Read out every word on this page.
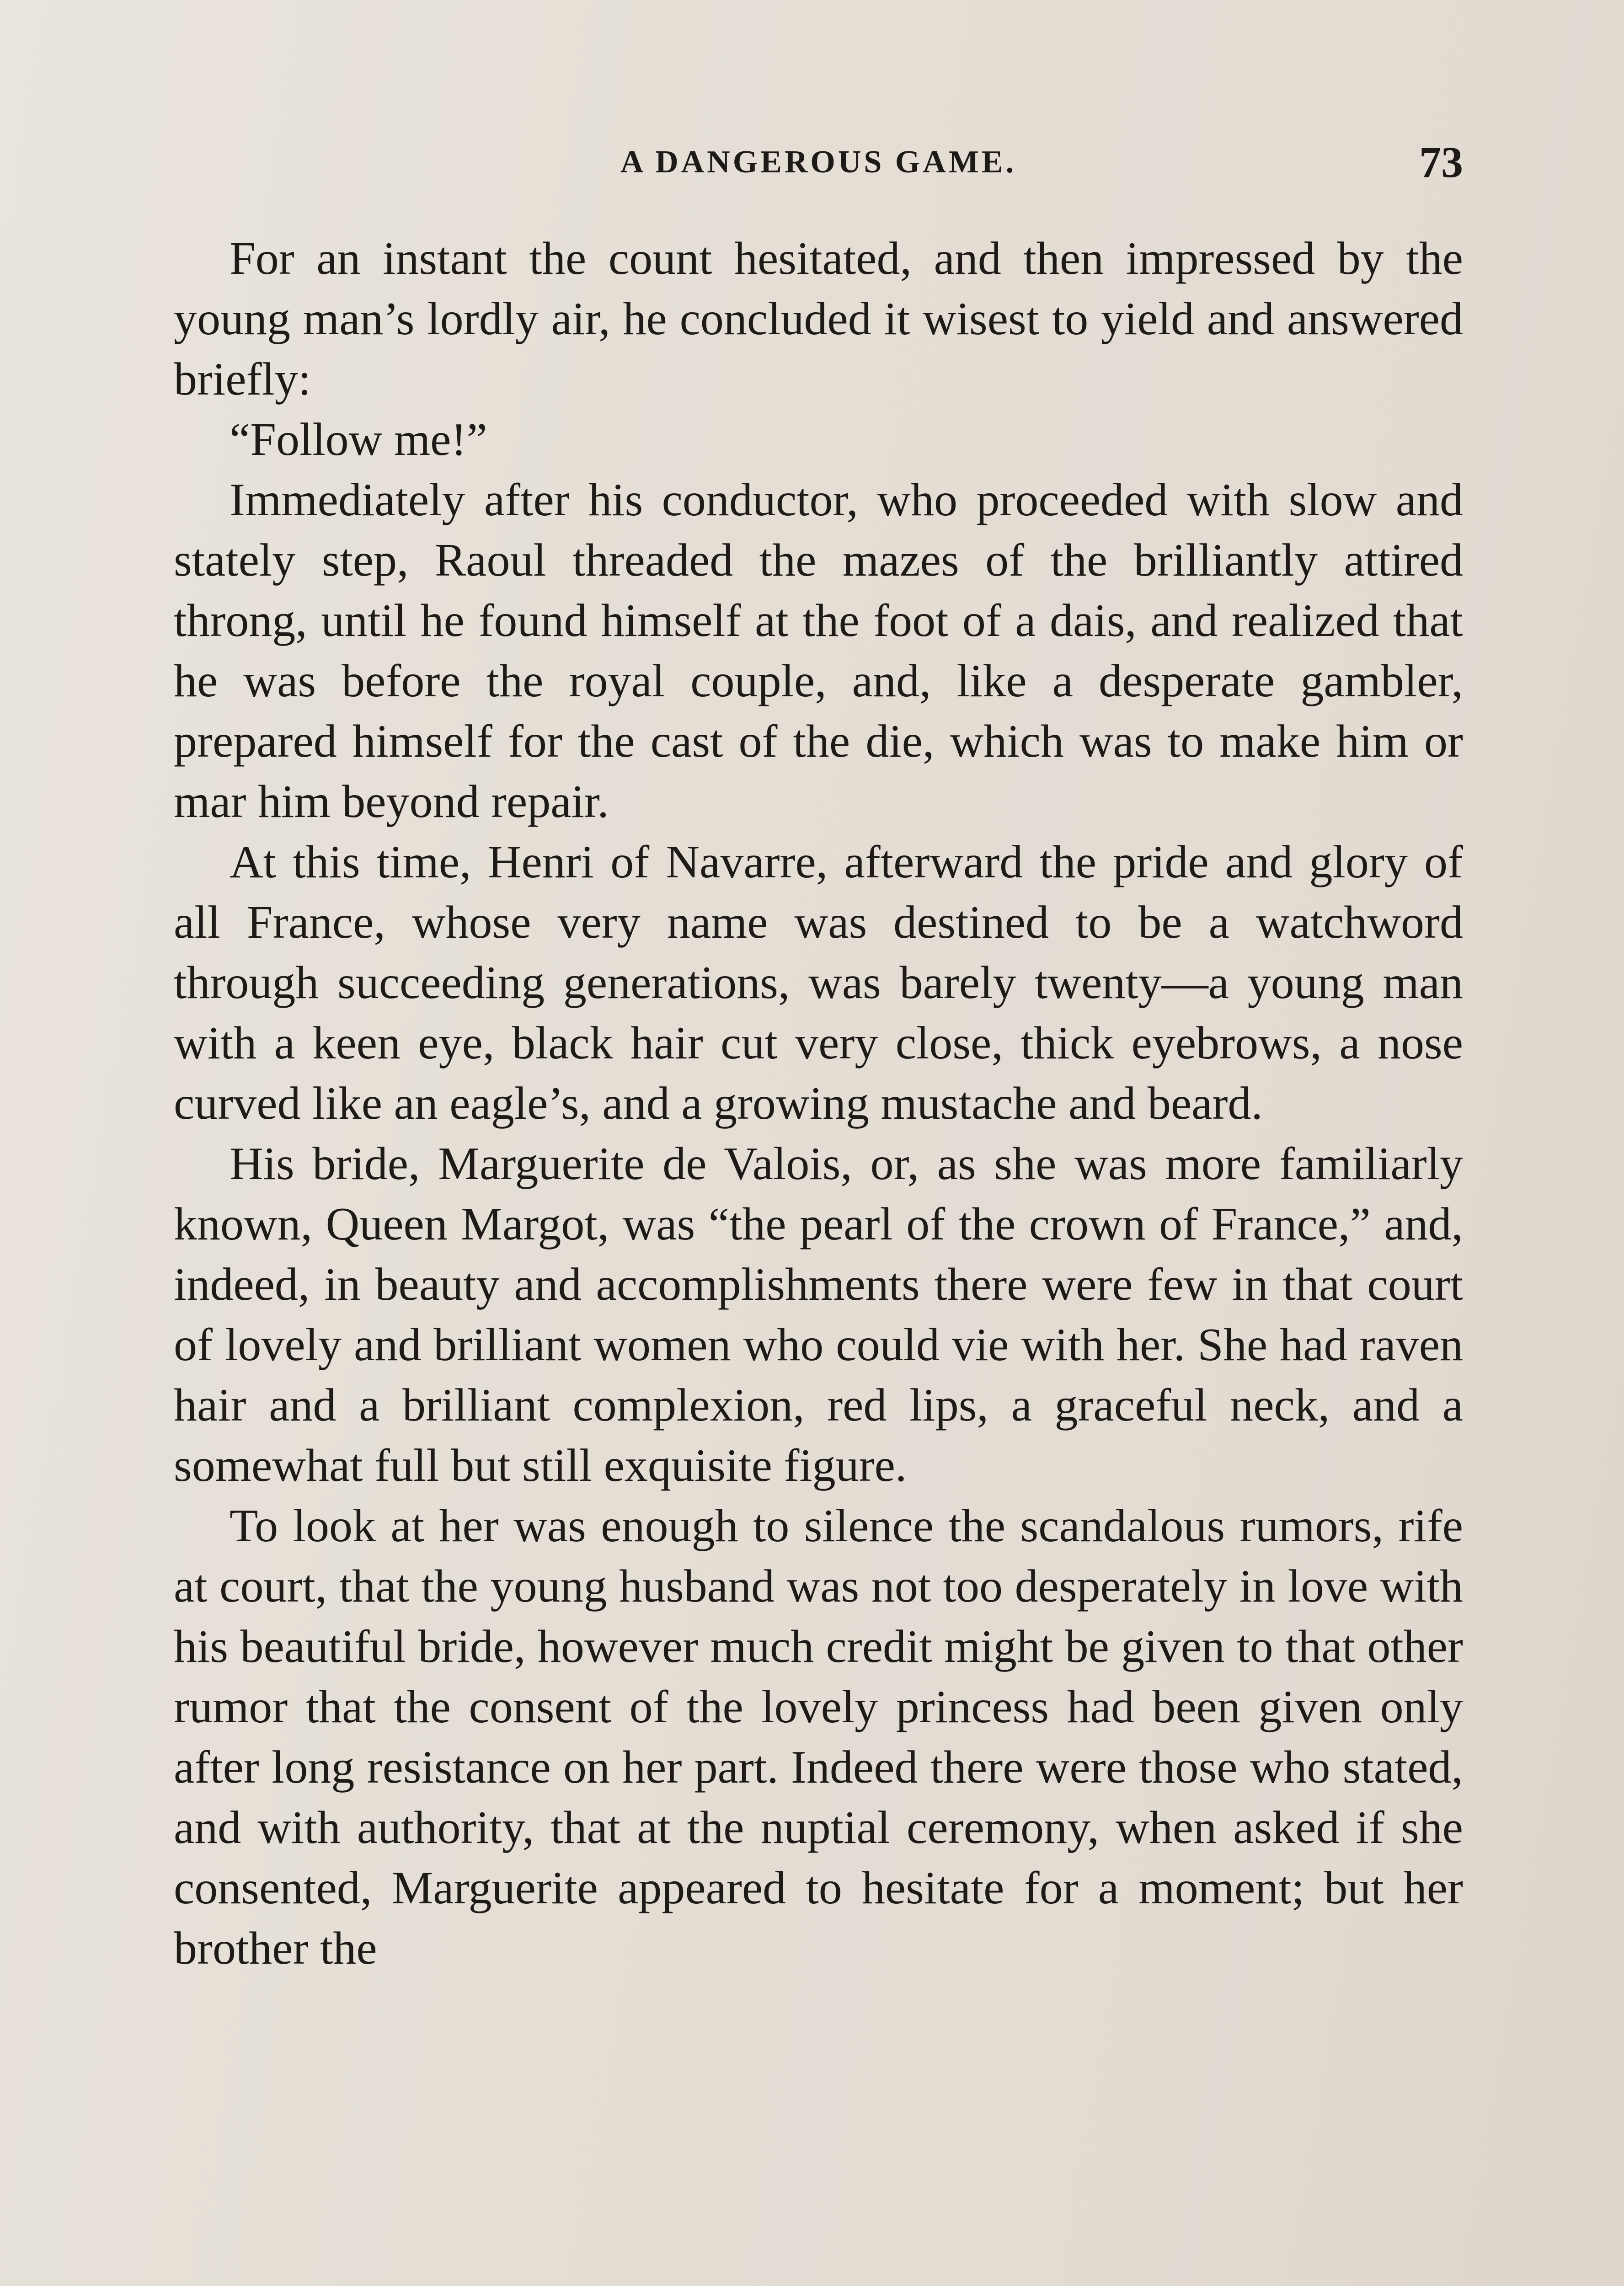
A DANGEROUS GAME.	73

For an instant the count hesitated, and then impressed by the young man’s lordly air, he concluded it wisest to yield and answered briefly:

“Follow me!”

Immediately after his conductor, who proceeded with slow and stately step, Raoul threaded the mazes of the brilliantly attired throng, until he found himself at the foot of a dais, and realized that he was before the royal couple, and, like a desperate gambler, prepared himself for the cast of the die, which was to make him or mar him beyond repair.

At this time, Henri of Navarre, afterward the pride and glory of all France, whose very name was destined to be a watchword through succeeding generations, was barely twenty—a young man with a keen eye, black hair cut very close, thick eyebrows, a nose curved like an eagle’s, and a growing mustache and beard.

His bride, Marguerite de Valois, or, as she was more familiarly known, Queen Margot, was “the pearl of the crown of France,” and, indeed, in beauty and accomplishments there were few in that court of lovely and brilliant women who could vie with her. She had raven hair and a brilliant complexion, red lips, a graceful neck, and a somewhat full but still exquisite figure.

To look at her was enough to silence the scandalous rumors, rife at court, that the young husband was not too desperately in love with his beautiful bride, however much credit might be given to that other rumor that the consent of the lovely princess had been given only after long resistance on her part. Indeed there were those who stated, and with authority, that at the nuptial ceremony, when asked if she consented, Marguerite appeared to hesitate for a moment; but her brother the
